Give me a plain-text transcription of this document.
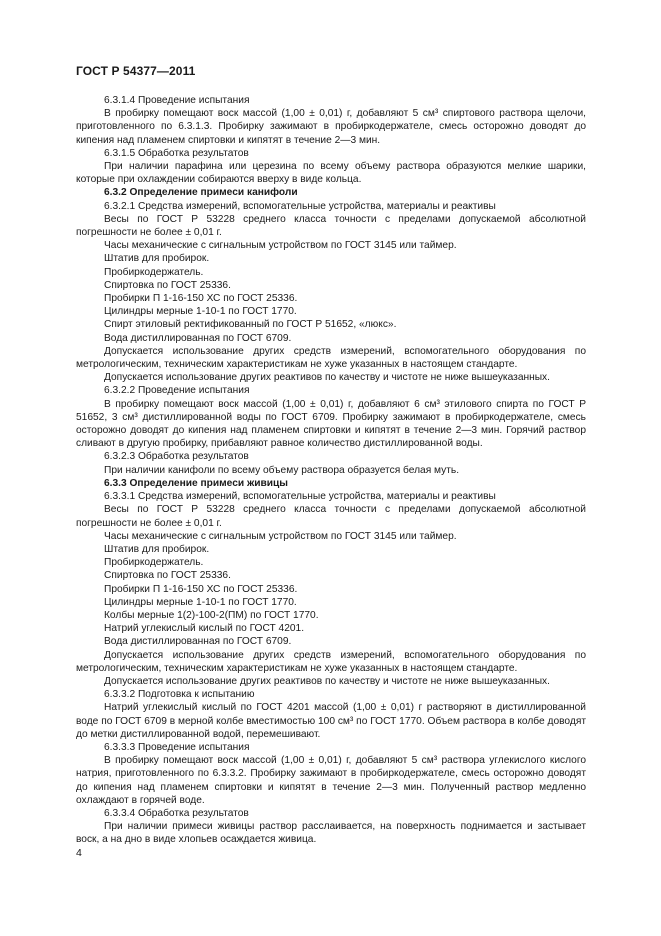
ГОСТ Р 54377—2011

6.3.1.4 Проведение испытания

В пробирку помещают воск массой (1,00 ± 0,01) г, добавляют 5 см³ спиртового раствора щелочи, приготовленного по 6.3.1.3. Пробирку зажимают в пробиркодержателе, смесь осторожно доводят до кипения над пламенем спиртовки и кипятят в течение 2—3 мин.

6.3.1.5 Обработка результатов

При наличии парафина или церезина по всему объему раствора образуются мелкие шарики, которые при охлаждении собираются вверху в виде кольца.

6.3.2 Определение примеси канифоли

6.3.2.1 Средства измерений, вспомогательные устройства, материалы и реактивы

Весы по ГОСТ Р 53228 среднего класса точности с пределами допускаемой абсолютной погрешности не более ± 0,01 г.

Часы механические с сигнальным устройством по ГОСТ 3145 или таймер.

Штатив для пробирок.

Пробиркодержатель.

Спиртовка по ГОСТ 25336.

Пробирки П 1-16-150 ХС по ГОСТ 25336.

Цилиндры мерные 1-10-1 по ГОСТ 1770.

Спирт этиловый ректификованный по ГОСТ Р 51652, «люкс».

Вода дистиллированная по ГОСТ 6709.

Допускается использование других средств измерений, вспомогательного оборудования по метрологическим, техническим характеристикам не хуже указанных в настоящем стандарте.

Допускается использование других реактивов по качеству и чистоте не ниже вышеуказанных.

6.3.2.2 Проведение испытания

В пробирку помещают воск массой (1,00 ± 0,01) г, добавляют 6 см³ этилового спирта по ГОСТ Р 51652, 3 см³ дистиллированной воды по ГОСТ 6709. Пробирку зажимают в пробиркодержателе, смесь осторожно доводят до кипения над пламенем спиртовки и кипятят в течение 2—3 мин. Горячий раствор сливают в другую пробирку, прибавляют равное количество дистиллированной воды.

6.3.2.3 Обработка результатов

При наличии канифоли по всему объему раствора образуется белая муть.

6.3.3 Определение примеси живицы

6.3.3.1 Средства измерений, вспомогательные устройства, материалы и реактивы

Весы по ГОСТ Р 53228 среднего класса точности с пределами допускаемой абсолютной погрешности не более ± 0,01 г.

Часы механические с сигнальным устройством по ГОСТ 3145 или таймер.

Штатив для пробирок.

Пробиркодержатель.

Спиртовка по ГОСТ 25336.

Пробирки П 1-16-150 ХС по ГОСТ 25336.

Цилиндры мерные 1-10-1 по ГОСТ 1770.

Колбы мерные 1(2)-100-2(ПМ) по ГОСТ 1770.

Натрий углекислый кислый по ГОСТ 4201.

Вода дистиллированная по ГОСТ 6709.

Допускается использование других средств измерений, вспомогательного оборудования по метрологическим, техническим характеристикам не хуже указанных в настоящем стандарте.

Допускается использование других реактивов по качеству и чистоте не ниже вышеуказанных.

6.3.3.2 Подготовка к испытанию

Натрий углекислый кислый по ГОСТ 4201 массой (1,00 ± 0,01) г растворяют в дистиллированной воде по ГОСТ 6709 в мерной колбе вместимостью 100 см³ по ГОСТ 1770. Объем раствора в колбе доводят до метки дистиллированной водой, перемешивают.

6.3.3.3 Проведение испытания

В пробирку помещают воск массой (1,00 ± 0,01) г, добавляют 5 см³ раствора углекислого кислого натрия, приготовленного по 6.3.3.2. Пробирку зажимают в пробиркодержателе, смесь осторожно доводят до кипения над пламенем спиртовки и кипятят в течение 2—3 мин. Полученный раствор медленно охлаждают в горячей воде.

6.3.3.4 Обработка результатов

При наличии примеси живицы раствор расслаивается, на поверхность поднимается и застывает воск, а на дно в виде хлопьев осаждается живица.

4
